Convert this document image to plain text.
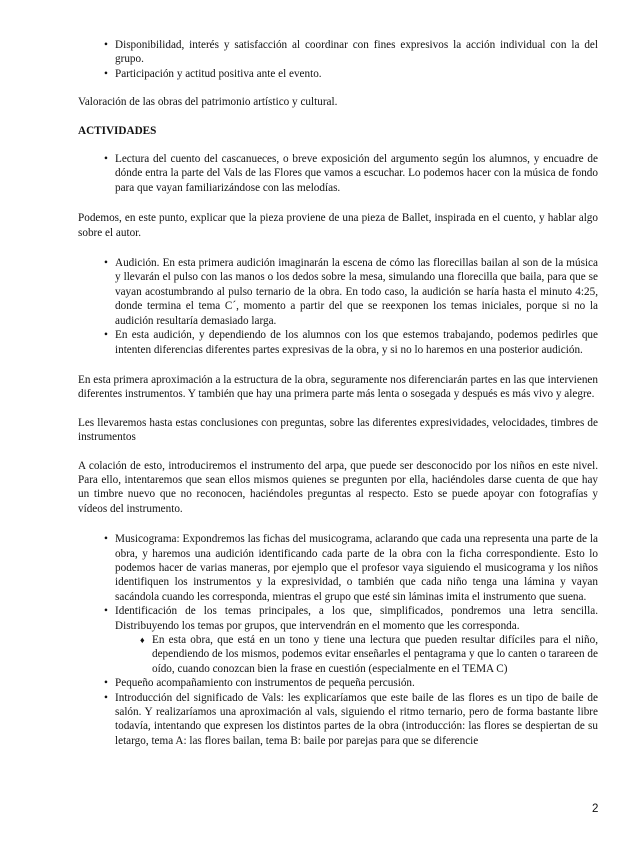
• Disponibilidad, interés y satisfacción al coordinar con fines expresivos la acción individual con la del grupo.
• Participación y actitud positiva ante el evento.

Valoración de las obras del patrimonio artístico y cultural.

ACTIVIDADES

• Lectura del cuento del cascanueces, o breve exposición del argumento según los alumnos, y encuadre de dónde entra la parte del Vals de las Flores que vamos a escuchar. Lo podemos hacer con la música de fondo para que vayan familiarizándose con las melodías.

Podemos, en este punto, explicar que la pieza proviene de una pieza de Ballet, inspirada en el cuento, y hablar algo sobre el autor.

• Audición. En esta primera audición imaginarán la escena de cómo las florecillas bailan al son de la música y llevarán el pulso con las manos o los dedos sobre la mesa, simulando una florecilla que baila, para que se vayan acostumbrando al pulso ternario de la obra. En todo caso, la audición se haría hasta el minuto 4:25, donde termina el tema C´, momento a partir del que se reexponen los temas iniciales, porque si no la audición resultaría demasiado larga.
• En esta audición, y dependiendo de los alumnos con los que estemos trabajando, podemos pedirles que intenten diferencias diferentes partes expresivas de la obra, y si no lo haremos en una posterior audición.

En esta primera aproximación a la estructura de la obra, seguramente nos diferenciarán partes en las que intervienen diferentes instrumentos. Y también que hay una primera parte más lenta o sosegada y después es más vivo y alegre.

Les llevaremos hasta estas conclusiones con preguntas, sobre las diferentes expresividades, velocidades, timbres de instrumentos

A colación de esto, introduciremos el instrumento del arpa, que puede ser desconocido por los niños en este nivel. Para ello, intentaremos que sean ellos mismos quienes se pregunten por ella, haciéndoles darse cuenta de que hay un timbre nuevo que no reconocen, haciéndoles preguntas al respecto. Esto se puede apoyar con fotografías y vídeos del instrumento.

• Musicograma: Expondremos las fichas del musicograma, aclarando que cada una representa una parte de la obra, y haremos una audición identificando cada parte de la obra con la ficha correspondiente. Esto lo podemos hacer de varias maneras, por ejemplo que el profesor vaya siguiendo el musicograma y los niños identifiquen los instrumentos y la expresividad, o también que cada niño tenga una lámina y vayan sacándola cuando les corresponda, mientras el grupo que esté sin láminas imita el instrumento que suena.
• Identificación de los temas principales, a los que, simplificados, pondremos una letra sencilla. Distribuyendo los temas por grupos, que intervendrán en el momento que les corresponda.
♦ En esta obra, que está en un tono y tiene una lectura que pueden resultar difíciles para el niño, dependiendo de los mismos, podemos evitar enseñarles el pentagrama y que lo canten o tarareen de oído, cuando conozcan bien la frase en cuestión (especialmente en el TEMA C)
• Pequeño acompañamiento con instrumentos de pequeña percusión.
• Introducción del significado de Vals: les explicaríamos que este baile de las flores es un tipo de baile de salón. Y realizaríamos una aproximación al vals, siguiendo el ritmo ternario, pero de forma bastante libre todavía, intentando que expresen los distintos partes de la obra (introducción: las flores se despiertan de su letargo, tema A: las flores bailan, tema B: baile por parejas para que se diferencie
2
